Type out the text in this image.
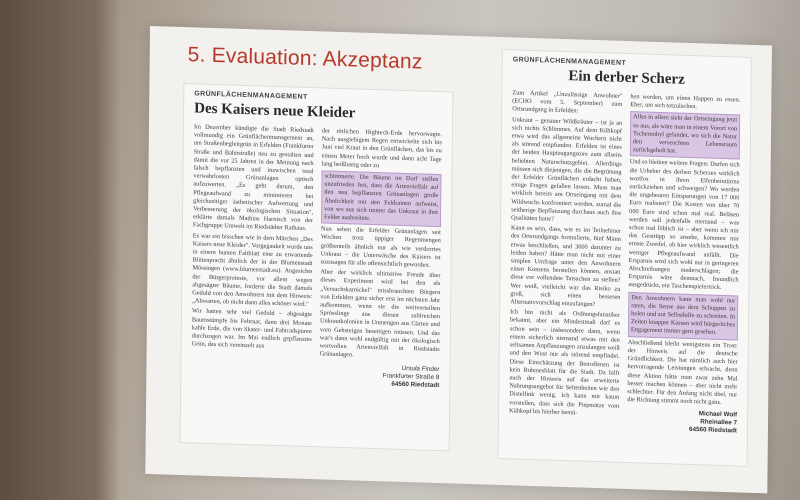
5. Evaluation: Akzeptanz

GRÜNFLÄCHENMANAGEMENT

Des Kaisers neue Kleider

Im Dezember kündigte die Stadt Riedstadt vollmundig ein Grünflächenmanagement an, um Straßenbegleitgrün in Erfelden (Frankfurter Straße und Bahnstraße) neu zu gestalten und damit die vor 25 Jahren in der Meinung nach falsch bepflanzten und inzwischen total verwahrlosten Grünanlagen optisch aufzuwerten. „Es geht darum, den Pflegeaufwand zu minimieren bei gleichzeitiger ästhetischer Aufwertung und Verbesserung der ökologischen Situation", erklärte damals Mathias Harnisch von der Fachgruppe Umwelt im Riedstädter Rathaus.

Es war ein bisschen wie in dem Märchen „Des Kaisers neue Kleider". Vorgegaukelt wurde uns in einem bunten Faltblatt eine zu erwartende Blütenpracht ähnlich der in der Blumenstadt Mössingen (www.blumenstadt.eu). Angesichts der Bürgerproteste, vor allem wegen abgesägter Bäume, forderte die Stadt damals Geduld von den Anwohnern mit dem Hinweis: „Abwarten, ob nicht dann alles schöner wird."

Wir hatten sehr viel Geduld – abgesägte Baumstümpfe bis Februar, dann drei Monate kahle Erde, die von Skater- und Fahrradspuren durchzogen war. Im Mai endlich gepflanztes Grün, das sich vereinzelt aus

der rötlichen Hightech-Erde hervorwagte. Nach ausgiebigem Regen entwickelte sich bis Juni viel Kraut in den Grünflächen, das bis zu einem Meter hoch wurde und dann acht Tage lang beißlustig oder zu

schimmerte. Die Bäume im Dorf stellen unzufrieden fest, dass die Artenvielfalt auf den neu bepflanzten Grünanlagen große Ähnlichkeit mit den Feldrainen aufweist, von wo aus sich immer das Unkraut in ihre Felder ausbreitete.

Nun sehen die Erfelder Grünanlagen seit Wochen trotz üppiger Regenmengen größtenteils ähnlich nur als wie verdorrtes Unkraut – die Unterwäsche des Kaisers ist sozusagen für alle offensichtlich geworden.

Aber der wirklich ultimative Freude über dieses Experiment wird bei den als „Versuchskarnickel" missbrauchten Bürgern von Erfelden ganz sicher erst im nächsten Jahr aufkommen, wenn sie die weitverteilten Sprösslinge aus diesen zahlreichen Unkrautkolonien in Unmengen aus Gärten und vom Gehsteigen beseitigen müssen. Und das war's dann wohl endgültig mit der ökologisch wertvollen Artenvielfalt in Riedstadts Grünanlagen.

Ursula Finder
Frankfurter Straße 8
64560 Riedstadt

GRÜNFLÄCHENMANAGEMENT

Ein derber Scherz

Zum Artikel „Unzulässige Anwohner" (ECHO vom 5. September) zum Ortsrundgang in Erfelden:

Unkraut – genauer Wildkräuter – ist ja an sich nichts Schlimmes. Auf dem Kühkopf etwa wird das allgemeine Wuchern nicht als störend empfunden. Erfelden ist eines der beiden Hauptzugangstore zum allseits beliebten Naturschutzgebiet. Allerdings müssen sich diejenigen, die die Begrünung der Erfelder Grünflächen erdacht haben, einige Fragen gefallen lassen. Muss man wirklich bereits am Ortseingang mit dem Wildwuchs konfrontiert werden, zumal die seitherige Bepflanzung durchaus auch ihre Qualitäten hatte?

Kann es sein, dass, wie es im Teilnehmer des Ortsrundgangs formulierte, fünf Mann etwas beschließen, und 3000 darunter zu leiden haben? Hätte man nicht mit einer simplen Umfrage unter den Anwohnern einen Konsens herstellen können, anstatt diese vor vollendete Tatsachen zu stellen? Wer weiß, vielleicht war das Risiko zu groß, sich einen besseren Alternativvorschlag einzufangen?

Ich bin nicht als Ordnungsfanatiker bekannt, aber ein Mindestmaß darf es schon sein – insbesondere dann, wenn einem sicherlich niemand etwas mit den seltsamen Anpflanzungen anzulangen weiß und den Wust nur als störend empfindet. Diese Einschätzung der Betroffenen ist kein Ruhmesblatt für die Stadt. Da hilft auch der Hinweis auf das erweiterte Nahrungsangebot für Seltenheiten wie den Distelfink wenig. Ich kann mir kaum vorstellen, dass sich die Piepmätze vom Kühkopf bis hierher bemü-

hen werden, um einen Happen zu essen. Eher, um sich totzulachen.

Alles in allem sieht der Ortseingang jetzt so aus, als wäre man in einem Vorort von Tschernobyl gelandet, wo sich die Natur den verseuchten Lebensraum zurückgeholt hat.

Und es bleiben weitere Fragen: Durfen sich die Urheber des derben Scherzes wirklich wortlos in ihren Elfenbeintürme zurückziehen und schweigen? Wo werden die ungeheuren Einsparungen von 17 000 Euro realisiert? Die Kosten von über 70 000 Euro sind schon mal real. Beläsen werden soll jedenfalls niemand – was schon mal löblich ist – aber wenn ich mir das Gestrüpp so ansehe, kommen mir ernste Zweifel, ob hier wirklich wesentlich weniger Pflegeaufwand anfällt. Die Ersparnis wird sich wohl nur in geringeren Abschreibungen niederschlagen; die Ersparnis wäre demnach, freundlich ausgedrückt, ein Taschenspielertrick.

Den Anwohnern kann man wohl nur raten, die Sense aus dem Schuppen zu holen und zur Selbsthilfe zu schreiten. In Zeiten knapper Kassen wird bürgerliches Engagement immer gern gesehen.

Abschließend bleibt wenigstens ein Trost: der Hinweis auf die deutsche Gründlichkeit. Die hat nämlich auch hier hervorragende Leistungen erbracht, denn diese Aktion hätte man zwar zehn Mal besser machen können – aber nicht mehr schlechter. Für den Anfang nicht übel, nur die Richtung stimmt noch nicht ganz.

Michael Wolf
Rheinallee 7
64560 Riedstadt
